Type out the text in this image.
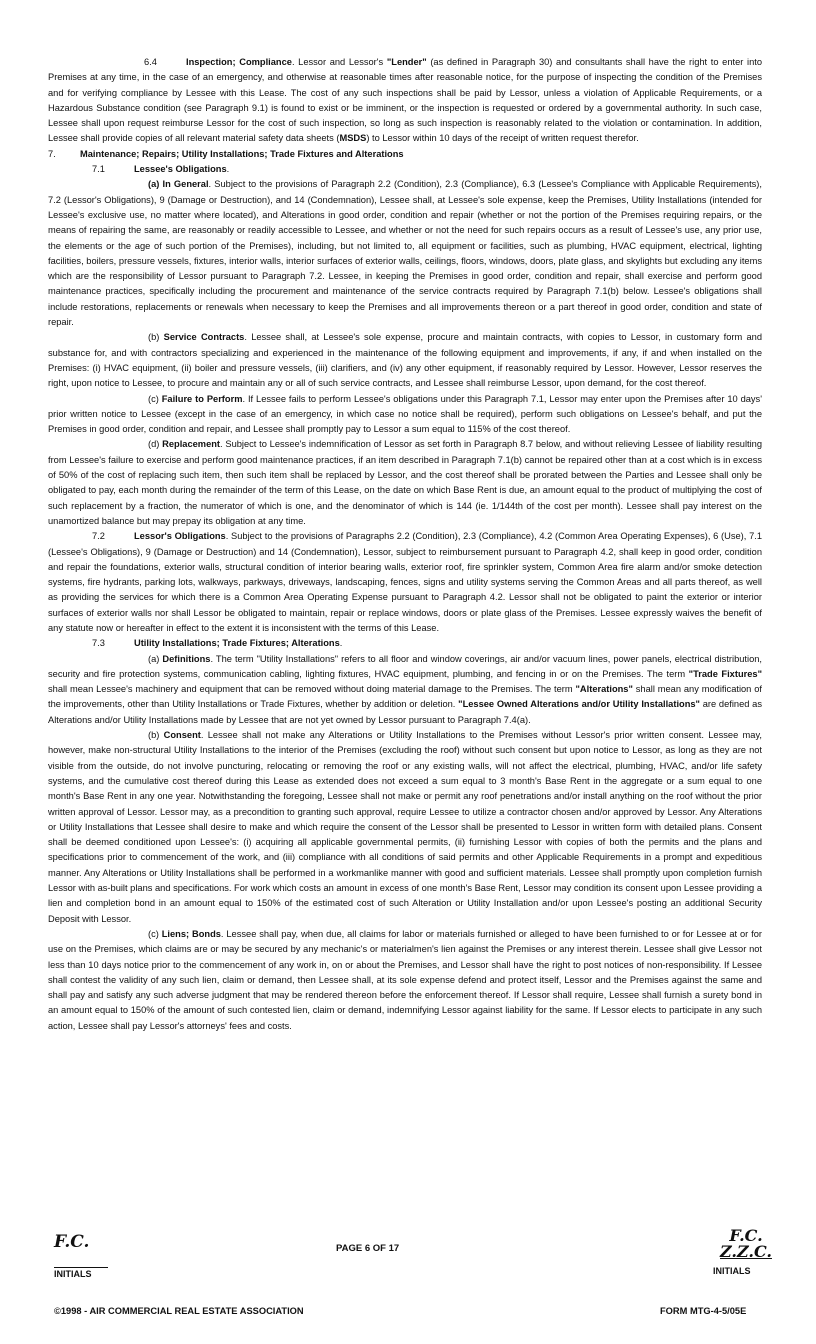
6.4	Inspection; Compliance. Lessor and Lessor's "Lender" (as defined in Paragraph 30) and consultants shall have the right to enter into Premises at any time, in the case of an emergency, and otherwise at reasonable times after reasonable notice, for the purpose of inspecting the condition of the Premises and for verifying compliance by Lessee with this Lease. The cost of any such inspections shall be paid by Lessor, unless a violation of Applicable Requirements, or a Hazardous Substance condition (see Paragraph 9.1) is found to exist or be imminent, or the inspection is requested or ordered by a governmental authority. In such case, Lessee shall upon request reimburse Lessor for the cost of such inspection, so long as such inspection is reasonably related to the violation or contamination. In addition, Lessee shall provide copies of all relevant material safety data sheets (MSDS) to Lessor within 10 days of the receipt of written request therefor.

7.	Maintenance; Repairs; Utility Installations; Trade Fixtures and Alterations

7.1	Lessee's Obligations.

(a) In General. Subject to the provisions of Paragraph 2.2 (Condition), 2.3 (Compliance), 6.3 (Lessee's Compliance with Applicable Requirements), 7.2 (Lessor's Obligations), 9 (Damage or Destruction), and 14 (Condemnation), Lessee shall, at Lessee's sole expense, keep the Premises, Utility Installations (intended for Lessee's exclusive use, no matter where located), and Alterations in good order, condition and repair (whether or not the portion of the Premises requiring repairs, or the means of repairing the same, are reasonably or readily accessible to Lessee, and whether or not the need for such repairs occurs as a result of Lessee's use, any prior use, the elements or the age of such portion of the Premises), including, but not limited to, all equipment or facilities, such as plumbing, HVAC equipment, electrical, lighting facilities, boilers, pressure vessels, fixtures, interior walls, interior surfaces of exterior walls, ceilings, floors, windows, doors, plate glass, and skylights but excluding any items which are the responsibility of Lessor pursuant to Paragraph 7.2. Lessee, in keeping the Premises in good order, condition and repair, shall exercise and perform good maintenance practices, specifically including the procurement and maintenance of the service contracts required by Paragraph 7.1(b) below. Lessee's obligations shall include restorations, replacements or renewals when necessary to keep the Premises and all improvements thereon or a part thereof in good order, condition and state of repair.

(b) Service Contracts. Lessee shall, at Lessee's sole expense, procure and maintain contracts, with copies to Lessor, in customary form and substance for, and with contractors specializing and experienced in the maintenance of the following equipment and improvements, if any, if and when installed on the Premises: (i) HVAC equipment, (ii) boiler and pressure vessels, (iii) clarifiers, and (iv) any other equipment, if reasonably required by Lessor. However, Lessor reserves the right, upon notice to Lessee, to procure and maintain any or all of such service contracts, and Lessee shall reimburse Lessor, upon demand, for the cost thereof.

(c) Failure to Perform. If Lessee fails to perform Lessee's obligations under this Paragraph 7.1, Lessor may enter upon the Premises after 10 days' prior written notice to Lessee (except in the case of an emergency, in which case no notice shall be required), perform such obligations on Lessee's behalf, and put the Premises in good order, condition and repair, and Lessee shall promptly pay to Lessor a sum equal to 115% of the cost thereof.

(d) Replacement. Subject to Lessee's indemnification of Lessor as set forth in Paragraph 8.7 below, and without relieving Lessee of liability resulting from Lessee's failure to exercise and perform good maintenance practices, if an item described in Paragraph 7.1(b) cannot be repaired other than at a cost which is in excess of 50% of the cost of replacing such item, then such item shall be replaced by Lessor, and the cost thereof shall be prorated between the Parties and Lessee shall only be obligated to pay, each month during the remainder of the term of this Lease, on the date on which Base Rent is due, an amount equal to the product of multiplying the cost of such replacement by a fraction, the numerator of which is one, and the denominator of which is 144 (ie. 1/144th of the cost per month). Lessee shall pay interest on the unamortized balance but may prepay its obligation at any time.

7.2	Lessor's Obligations. Subject to the provisions of Paragraphs 2.2 (Condition), 2.3 (Compliance), 4.2 (Common Area Operating Expenses), 6 (Use), 7.1 (Lessee's Obligations), 9 (Damage or Destruction) and 14 (Condemnation), Lessor, subject to reimbursement pursuant to Paragraph 4.2, shall keep in good order, condition and repair the foundations, exterior walls, structural condition of interior bearing walls, exterior roof, fire sprinkler system, Common Area fire alarm and/or smoke detection systems, fire hydrants, parking lots, walkways, parkways, driveways, landscaping, fences, signs and utility systems serving the Common Areas and all parts thereof, as well as providing the services for which there is a Common Area Operating Expense pursuant to Paragraph 4.2. Lessor shall not be obligated to paint the exterior or interior surfaces of exterior walls nor shall Lessor be obligated to maintain, repair or replace windows, doors or plate glass of the Premises. Lessee expressly waives the benefit of any statute now or hereafter in effect to the extent it is inconsistent with the terms of this Lease.

7.3	Utility Installations; Trade Fixtures; Alterations.

(a) Definitions. The term "Utility Installations" refers to all floor and window coverings, air and/or vacuum lines, power panels, electrical distribution, security and fire protection systems, communication cabling, lighting fixtures, HVAC equipment, plumbing, and fencing in or on the Premises. The term "Trade Fixtures" shall mean Lessee's machinery and equipment that can be removed without doing material damage to the Premises. The term "Alterations" shall mean any modification of the improvements, other than Utility Installations or Trade Fixtures, whether by addition or deletion. "Lessee Owned Alterations and/or Utility Installations" are defined as Alterations and/or Utility Installations made by Lessee that are not yet owned by Lessor pursuant to Paragraph 7.4(a).

(b) Consent. Lessee shall not make any Alterations or Utility Installations to the Premises without Lessor's prior written consent. Lessee may, however, make non-structural Utility Installations to the interior of the Premises (excluding the roof) without such consent but upon notice to Lessor, as long as they are not visible from the outside, do not involve puncturing, relocating or removing the roof or any existing walls, will not affect the electrical, plumbing, HVAC, and/or life safety systems, and the cumulative cost thereof during this Lease as extended does not exceed a sum equal to 3 month's Base Rent in the aggregate or a sum equal to one month's Base Rent in any one year. Notwithstanding the foregoing, Lessee shall not make or permit any roof penetrations and/or install anything on the roof without the prior written approval of Lessor. Lessor may, as a precondition to granting such approval, require Lessee to utilize a contractor chosen and/or approved by Lessor. Any Alterations or Utility Installations that Lessee shall desire to make and which require the consent of the Lessor shall be presented to Lessor in written form with detailed plans. Consent shall be deemed conditioned upon Lessee's: (i) acquiring all applicable governmental permits, (ii) furnishing Lessor with copies of both the permits and the plans and specifications prior to commencement of the work, and (iii) compliance with all conditions of said permits and other Applicable Requirements in a prompt and expeditious manner. Any Alterations or Utility Installations shall be performed in a workmanlike manner with good and sufficient materials. Lessee shall promptly upon completion furnish Lessor with as-built plans and specifications. For work which costs an amount in excess of one month's Base Rent, Lessor may condition its consent upon Lessee providing a lien and completion bond in an amount equal to 150% of the estimated cost of such Alteration or Utility Installation and/or upon Lessee's posting an additional Security Deposit with Lessor.

(c) Liens; Bonds. Lessee shall pay, when due, all claims for labor or materials furnished or alleged to have been furnished to or for Lessee at or for use on the Premises, which claims are or may be secured by any mechanic's or materialmen's lien against the Premises or any interest therein. Lessee shall give Lessor not less than 10 days notice prior to the commencement of any work in, on or about the Premises, and Lessor shall have the right to post notices of non-responsibility. If Lessee shall contest the validity of any such lien, claim or demand, then Lessee shall, at its sole expense defend and protect itself, Lessor and the Premises against the same and shall pay and satisfy any such adverse judgment that may be rendered thereon before the enforcement thereof. If Lessor shall require, Lessee shall furnish a surety bond in an amount equal to 150% of the amount of such contested lien, claim or demand, indemnifying Lessor against liability for the same. If Lessor elects to participate in any such action, Lessee shall pay Lessor's attorneys' fees and costs.

F.C.
INITIALS
PAGE 6 OF 17
F.C.
Z.Z.C.
INITIALS
©1998 - AIR COMMERCIAL REAL ESTATE ASSOCIATION	FORM MTG-4-5/05E
